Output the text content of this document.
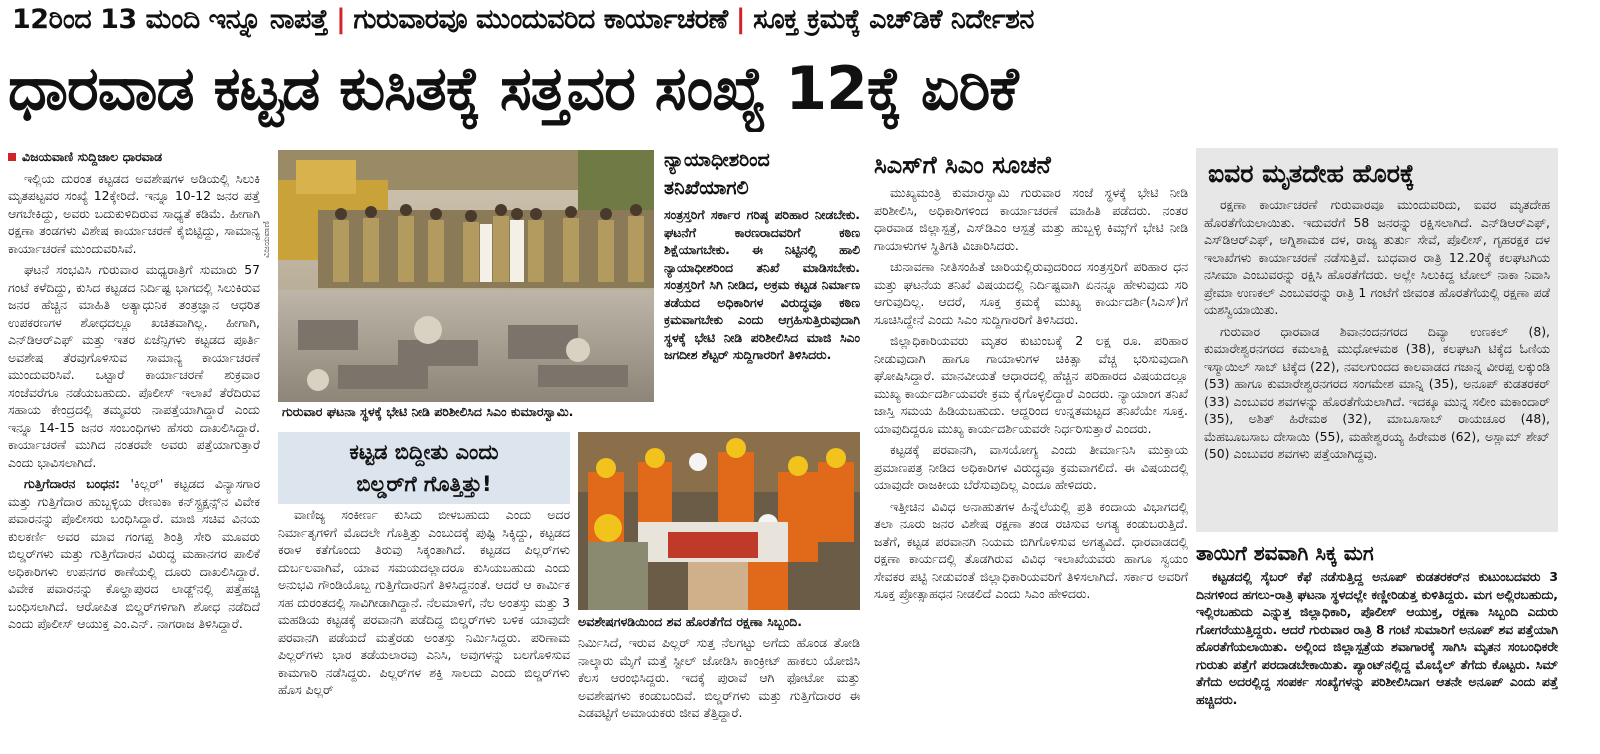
12ರಿಂದ 13 ಮಂದಿ ಇನ್ನೂ ನಾಪತ್ತೆ | ಗುರುವಾರವೂ ಮುಂದುವರಿದ ಕಾರ್ಯಾಚರಣೆ | ಸೂಕ್ತ ಕ್ರಮಕ್ಕೆ ಎಚ್‌ಡಿಕೆ ನಿರ್ದೇಶನ
ಧಾರವಾಡ ಕಟ್ಟಡ ಕುಸಿತಕ್ಕೆ ಸತ್ತವರ ಸಂಖ್ಯೆ 12ಕ್ಕೆ ಏರಿಕೆ
ವಿಜಯವಾಣಿ ಸುದ್ದಿಜಾಲ ಧಾರವಾಡ

ಇಲ್ಲಿಯ ದುರಂತ ಕಟ್ಟಡದ ಅವಶೇಷಗಳ ಅಡಿಯಲ್ಲಿ ಸಿಲುಕಿ ಮೃತಪಟ್ಟವರ ಸಂಖ್ಯೆ 12ಕ್ಕೇರಿದೆ. ಇನ್ನೂ 10-12 ಜನರ ಪತ್ತೆ ಆಗಬೇಕಿದ್ದು, ಅವರು ಬದುಕುಳಿದಿರುವ ಸಾಧ್ಯತೆ ಕಡಿಮೆ. ಹೀಗಾಗಿ ರಕ್ಷಣಾ ತಂಡಗಳು ವಿಶೇಷ ಕಾರ್ಯಾಚರಣೆ ಕೈಬಿಟ್ಟಿದ್ದು, ಸಾಮಾನ್ಯ ಕಾರ್ಯಾಚರಣೆ ಮುಂದುವರಿಸಿವೆ.

ಘಟನೆ ಸಂಭವಿಸಿ ಗುರುವಾರ ಮಧ್ಯರಾತ್ರಿಗೆ ಸುಮಾರು 57 ಗಂಟೆ ಕಳೆದಿದ್ದು, ಕುಸಿದ ಕಟ್ಟಡದ ನಿರ್ದಿಷ್ಟ ಭಾಗದಲ್ಲಿ ಸಿಲುಕಿರುವ ಜನರ ಹೆಚ್ಚಿನ ಮಾಹಿತಿ ಅತ್ಯಾಧುನಿಕ ತಂತ್ರಜ್ಞಾನ ಆಧರಿತ ಉಪಕರಣಗಳ ಶೋಧದಲ್ಲೂ ಖಚಿತವಾಗಿಲ್ಲ. ಹೀಗಾಗಿ, ಎನ್‌ಡಿಆರ್‌ಎಫ್ ಮತ್ತು ಇತರ ಏಜೆನ್ಸಿಗಳು ಕಟ್ಟಡದ ಪೂರ್ತಿ ಅವಶೇಷ ತೆರವುಗೊಳಿಸುವ ಸಾಮಾನ್ಯ ಕಾರ್ಯಾಚರಣೆ ಮುಂದುವರಿಸಿವೆ. ಒಟ್ಟಾರೆ ಕಾರ್ಯಾಚರಣೆ ಶುಕ್ರವಾರ ಸಂಜೆವರೆಗೂ ನಡೆಯಬಹುದು. ಪೊಲೀಸ್ ಇಲಾಖೆ ತೆರೆದಿರುವ ಸಹಾಯ ಕೇಂದ್ರದಲ್ಲಿ ತಮ್ಮವರು ನಾಪತ್ತೆಯಾಗಿದ್ದಾರೆ ಎಂದು ಇನ್ನೂ 14-15 ಜನರ ಸಂಬಂಧಿಗಳು ಹೆಸರು ದಾಖಲಿಸಿದ್ದಾರೆ. ಕಾರ್ಯಾಚರಣೆ ಮುಗಿದ ನಂತರವೇ ಅವರು ಪತ್ತೆಯಾಗುತ್ತಾರೆ ಎಂದು ಭಾವಿಸಲಾಗಿದೆ.

ಗುತ್ತಿಗೆದಾರನ ಬಂಧನ: 'ಕಿಲ್ಲರ್' ಕಟ್ಟಡದ ವಿನ್ಯಾಸಗಾರ ಮತ್ತು ಗುತ್ತಿಗೆದಾರ ಹುಬ್ಬಳ್ಳಿಯ ರೇಣುಕಾ ಕನ್‌ಸ್ಟ್ರಕ್ಷನ್ಸ್‌ನ ವಿವೇಕ ಪವಾರನನ್ನು ಪೊಲೀಸರು ಬಂಧಿಸಿದ್ದಾರೆ. ಮಾಜಿ ಸಚಿವ ವಿನಯ ಕುಲಕರ್ಣಿ ಅವರ ಮಾವ ಗಂಗಪ್ಪ ಶಿಂತ್ರಿ ಸೇರಿ ಮೂವರು ಬಿಲ್ಡರ್‌ಗಳು ಮತ್ತು ಗುತ್ತಿಗೆದಾರನ ವಿರುದ್ಧ ಮಹಾನಗರ ಪಾಲಿಕೆ ಅಧಿಕಾರಿಗಳು ಉಪನಗರ ಠಾಣೆಯಲ್ಲಿ ದೂರು ದಾಖಲಿಸಿದ್ದಾರೆ. ವಿವೇಕ ಪವಾರನನ್ನು ಕೊಲ್ಹಾಪುರದ ಲಾಡ್ಜ್‌ನಲ್ಲಿ ಪತ್ತೆಹಚ್ಚಿ ಬಂಧಿಸಲಾಗಿದೆ. ಆರೋಪಿತ ಬಿಲ್ಡರ್‌ಗಳಿಗಾಗಿ ಶೋಧ ನಡೆದಿದೆ ಎಂದು ಪೊಲೀಸ್ ಆಯುಕ್ತ ಎಂ.ಎನ್. ನಾಗರಾಜ ತಿಳಿಸಿದ್ದಾರೆ.

ವಿಜಯವಾಣಿ
ಗುರುವಾರ ಘಟನಾ ಸ್ಥಳಕ್ಕೆ ಭೇಟಿ ನೀಡಿ ಪರಿಶೀಲಿಸಿದ ಸಿಎಂ ಕುಮಾರಸ್ವಾಮಿ.
ನ್ಯಾಯಾಧೀಶರಿಂದ
ತನಿಖೆಯಾಗಲಿ
ಸಂತ್ರಸ್ತರಿಗೆ ಸರ್ಕಾರ ಗರಿಷ್ಠ ಪರಿಹಾರ ನೀಡಬೇಕು. ಘಟನೆಗೆ ಕಾರಣರಾದವರಿಗೆ ಕಠಿಣ ಶಿಕ್ಷೆಯಾಗಬೇಕು. ಈ ನಿಟ್ಟಿನಲ್ಲಿ ಹಾಲಿ ನ್ಯಾಯಾಧೀಶರಿಂದ ತನಿಖೆ ಮಾಡಿಸಬೇಕು. ಸಂತ್ರಸ್ತರಿಗೆ ಸಿಗಿ ನೀಡಿದ, ಅಕ್ರಮ ಕಟ್ಟಡ ನಿರ್ಮಾಣ ತಡೆಯದ ಅಧಿಕಾರಿಗಳ ವಿರುದ್ಧವೂ ಕಠಿಣ ಕ್ರಮವಾಗಬೇಕು ಎಂದು ಆಗ್ರಹಿಸುತ್ತಿರುವುದಾಗಿ ಸ್ಥಳಕ್ಕೆ ಭೇಟಿ ನೀಡಿ ಪರಿಶೀಲಿಸಿದ ಮಾಜಿ ಸಿಎಂ ಜಗದೀಶ ಶೆಟ್ಟರ್ ಸುದ್ದಿಗಾರರಿಗೆ ತಿಳಿಸಿದರು.
ಕಟ್ಟಡ ಬಿದ್ದೀತು ಎಂದು
ಬಿಲ್ಡರ್‌ಗೆ ಗೊತ್ತಿತ್ತು!
ವಾಣಿಜ್ಯ ಸಂಕೀರ್ಣ ಕುಸಿದು ಬೀಳಬಹುದು ಎಂದು ಅದರ ನಿರ್ಮಾತೃಗಳಿಗೆ ಮೊದಲೇ ಗೊತ್ತಿತ್ತು ಎಂಬುದಕ್ಕೆ ಪುಷ್ಟಿ ಸಿಕ್ಕಿದ್ದು, ಕಟ್ಟಡದ ಕರಾಳ ಕತೆಗೊಂದು ತಿರುವು ಸಿಕ್ಕಂತಾಗಿದೆ. ಕಟ್ಟಡದ ಪಿಲ್ಲರ್‌ಗಳು ದುರ್ಬಲವಾಗಿವೆ, ಯಾವ ಸಮಯದಲ್ಲಾದರೂ ಕುಸಿಯಬಹುದು ಎಂದು ಅನುಭವಿ ಗೌಂಡಿಯೊಬ್ಬ ಗುತ್ತಿಗೆದಾರನಿಗೆ ತಿಳಿಸಿದ್ದನಂತೆ. ಆದರೆ ಆ ಕಾರ್ಮಿಕ ಸಹ ದುರಂತದಲ್ಲಿ ಸಾವಿಗೀಡಾಗಿದ್ದಾನೆ. ನೆಲಮಾಳಿಗೆ, ನೆಲ ಅಂತಸ್ತು ಮತ್ತು 3 ಮಹಡಿಯ ಕಟ್ಟಡಕ್ಕೆ ಪರವಾನಗಿ ಪಡೆದಿದ್ದ ಬಿಲ್ಡರ್‌ಗಳು ಬಳಿಕ ಯಾವುದೇ ಪರವಾನಗಿ ಪಡೆಯದೆ ಮತ್ತೆರಡು ಅಂತಸ್ತು ನಿರ್ಮಿಸಿದ್ದರು. ಪರಿಣಾಮ ಪಿಲ್ಲರ್‌ಗಳು ಭಾರ ತಡೆಯಲಾರವು ಎನಿಸಿ, ಅವುಗಳನ್ನು ಬಲಗೊಳಿಸುವ ಕಾಮಗಾರಿ ನಡೆಸಿದ್ದರು. ಪಿಲ್ಲರ್‌ಗಳ ಶಕ್ತಿ ಸಾಲದು ಎಂದು ಬಿಲ್ಡರ್‌ಗಳು ಹೊಸ ಪಿಲ್ಲರ್
ಅವಶೇಷಗಳಡಿಯಿಂದ ಶವ ಹೊರತೆಗೆದ ರಕ್ಷಣಾ ಸಿಬ್ಬಂದಿ.
ನಿರ್ಮಿಸಿದೆ, ಇರುವ ಪಿಲ್ಲರ್ ಸುತ್ತ ನೆಲಗಟ್ಟು ಅಗೆದು ಹೊಂಡ ತೋಡಿ ನಾಲ್ಕಾರು ಮೈಗೆ ಮತ್ತೆ ಸ್ಟೀಲ್ ಜೋಡಿಸಿ ಕಾಂಕ್ರೀಟ್ ಹಾಕಲು ಯೋಜಿಸಿ ಕೆಲಸ ಆರಂಭಿಸಿದ್ದರು. ಇದಕ್ಕೆ ಪುರಾವೆ ಆಗಿ ಫೋಟೋ ಮತ್ತು ಅವಶೇಷಗಳು ಕಂಡುಬಂದಿವೆ. ಬಿಲ್ಡರ್‌ಗಳು ಮತ್ತು ಗುತ್ತಿಗೆದಾರರ ಈ ಎಡವಟ್ಟಿಗೆ ಅಮಾಯಕರು ಜೀವ ತೆತ್ತಿದ್ದಾರೆ.
ಸಿಎಸ್‌ಗೆ ಸಿಎಂ ಸೂಚನೆ

ಮುಖ್ಯಮಂತ್ರಿ ಕುಮಾರಸ್ವಾಮಿ ಗುರುವಾರ ಸಂಜೆ ಸ್ಥಳಕ್ಕೆ ಭೇಟಿ ನೀಡಿ ಪರಿಶೀಲಿಸಿ, ಅಧಿಕಾರಿಗಳಿಂದ ಕಾರ್ಯಾಚರಣೆ ಮಾಹಿತಿ ಪಡೆದರು. ನಂತರ ಧಾರವಾಡ ಜಿಲ್ಲಾಸ್ಪತ್ರೆ, ಎಸ್‌ಡಿಎಂ ಆಸ್ಪತ್ರೆ ಮತ್ತು ಹುಬ್ಬಳ್ಳಿ ಕಿಮ್ಸ್‌ಗೆ ಭೇಟಿ ನೀಡಿ ಗಾಯಾಳುಗಳ ಸ್ಥಿತಿಗತಿ ವಿಚಾರಿಸಿದರು.

ಚುನಾವಣಾ ನೀತಿಸಂಹಿತೆ ಜಾರಿಯಲ್ಲಿರುವುದರಿಂದ ಸಂತ್ರಸ್ತರಿಗೆ ಪರಿಹಾರ ಧನ ಮತ್ತು ಘಟನೆಯ ತನಿಖೆ ವಿಷಯದಲ್ಲಿ ನಿರ್ದಿಷ್ಟವಾಗಿ ಏನನ್ನೂ ಹೇಳುವುದು ಸರಿ ಆಗುವುದಿಲ್ಲ. ಆದರೆ, ಸೂಕ್ತ ಕ್ರಮಕ್ಕೆ ಮುಖ್ಯ ಕಾರ್ಯದರ್ಶಿ(ಸಿಎಸ್)ಗೆ ಸೂಚಿಸಿದ್ದೇನೆ ಎಂದು ಸಿಎಂ ಸುದ್ದಿಗಾರರಿಗೆ ತಿಳಿಸಿದರು.

ಜಿಲ್ಲಾಧಿಕಾರಿಯವರು ಮೃತರ ಕುಟುಂಬಕ್ಕೆ 2 ಲಕ್ಷ ರೂ. ಪರಿಹಾರ ನೀಡುವುದಾಗಿ ಹಾಗೂ ಗಾಯಾಳುಗಳ ಚಿಕಿತ್ಸಾ ವೆಚ್ಚ ಭರಿಸುವುದಾಗಿ ಘೋಷಿಸಿದ್ದಾರೆ. ಮಾನವೀಯತೆ ಆಧಾರದಲ್ಲಿ ಹೆಚ್ಚಿನ ಪರಿಹಾರದ ವಿಷಯದಲ್ಲೂ ಮುಖ್ಯ ಕಾರ್ಯದರ್ಶಿಯವರೇ ಕ್ರಮ ಕೈಗೊಳ್ಳಲಿದ್ದಾರೆ ಎಂದರು. ನ್ಯಾಯಾಂಗ ತನಿಖೆ ಜಾಸ್ತಿ ಸಮಯ ಹಿಡಿಯಬಹುದು. ಆದ್ದರಿಂದ ಉನ್ನತಮಟ್ಟದ ತನಿಖೆಯೇ ಸೂಕ್ತ. ಯಾವುದಿದ್ದರೂ ಮುಖ್ಯ ಕಾರ್ಯದರ್ಶಿಯವರೇ ನಿರ್ಧರಿಸುತ್ತಾರೆ ಎಂದರು.

ಕಟ್ಟಡಕ್ಕೆ ಪರವಾನಗಿ, ವಾಸಯೋಗ್ಯ ಎಂದು ತೀರ್ಮಾನಿಸಿ ಮುಕ್ತಾಯ ಪ್ರಮಾಣಪತ್ರ ನೀಡಿದ ಅಧಿಕಾರಿಗಳ ವಿರುದ್ಧವೂ ಕ್ರಮವಾಗಲಿದೆ. ಈ ವಿಷಯದಲ್ಲಿ ಯಾವುದೇ ರಾಜಕೀಯ ಬೆರೆಸುವುದಿಲ್ಲ ಎಂದೂ ಹೇಳಿದರು.

ಇತ್ತೀಚಿನ ವಿವಿಧ ಅನಾಹುತಗಳ ಹಿನ್ನೆಲೆಯಲ್ಲಿ ಪ್ರತಿ ಕಂದಾಯ ವಿಭಾಗದಲ್ಲಿ ತಲಾ ನೂರು ಜನರ ವಿಶೇಷ ರಕ್ಷಣಾ ತಂಡ ರಚಿಸುವ ಅಗತ್ಯ ಕಂಡುಬರುತ್ತಿದೆ. ಜತೆಗೆ, ಕಟ್ಟಡ ಪರವಾನಗಿ ನಿಯಮ ಬಿಗಿಗೊಳಿಸುವ ಅಗತ್ಯವಿದೆ. ಧಾರವಾಡದಲ್ಲಿ ರಕ್ಷಣಾ ಕಾರ್ಯದಲ್ಲಿ ತೊಡಗಿರುವ ವಿವಿಧ ಇಲಾಖೆಯವರು ಹಾಗೂ ಸ್ವಯಂ ಸೇವಕರ ಪಟ್ಟಿ ನೀಡುವಂತೆ ಜಿಲ್ಲಾಧಿಕಾರಿಯವರಿಗೆ ತಿಳಿಸಲಾಗಿದೆ. ಸರ್ಕಾರ ಅವರಿಗೆ ಸೂಕ್ತ ಪ್ರೋತ್ಸಾಹಧನ ನೀಡಲಿದೆ ಎಂದು ಸಿಎಂ ಹೇಳಿದರು.

ಐವರ ಮೃತದೇಹ ಹೊರಕ್ಕೆ

ರಕ್ಷಣಾ ಕಾರ್ಯಾಚರಣೆ ಗುರುವಾರವೂ ಮುಂದುವರಿದು, ಐವರ ಮೃತದೇಹ ಹೊರತೆಗೆಯಲಾಯಿತು. ಇದುವರೆಗೆ 58 ಜನರನ್ನು ರಕ್ಷಿಸಲಾಗಿದೆ. ಎನ್‌ಡಿಆರ್‌ಎಫ್, ಎಸ್‌ಡಿಆರ್‌ಎಫ್, ಅಗ್ನಿಶಾಮಕ ದಳ, ರಾಜ್ಯ ತುರ್ತು ಸೇವೆ, ಪೊಲೀಸ್, ಗೃಹರಕ್ಷಕ ದಳ ಇಲಾಖೆಗಳು ಕಾರ್ಯಾಚರಣೆ ನಡೆಸುತ್ತಿವೆ. ಬುಧವಾರ ರಾತ್ರಿ 12.20ಕ್ಕೆ ಕಲಘಟಗಿಯ ನಸೀಮಾ ಎಂಬುವರನ್ನು ರಕ್ಷಿಸಿ ಹೊರತೆಗೆದರು. ಅಲ್ಲೇ ಸಿಲುಕಿದ್ದ ಟೋಲ್ ನಾಕಾ ನಿವಾಸಿ ಪ್ರೇಮಾ ಉಣಕಲ್ ಎಂಬುವರನ್ನು ರಾತ್ರಿ 1 ಗಂಟೆಗೆ ಜೀವಂತ ಹೊರತೆಗೆಯಲ್ಲಿ ರಕ್ಷಣಾ ಪಡೆ ಯಶಸ್ವಿಯಾಯಿತು.

ಗುರುವಾರ ಧಾರವಾಡ ಶಿವಾನಂದನಗರದ ದಿವ್ಯಾ ಉಣಕಲ್ (8), ಕುಮಾರೇಶ್ವರನಗರದ ಕಮಲಾಕ್ಷಿ ಮುಧೋಳಮಠ (38), ಕಲಘಟಗಿ ಟಿಕ್ಕೆದ ಓಣಿಯ ಇಸ್ಮಾಯಿಲ್ ಸಾಬ್ ಟಿಕ್ಕೆದ (22), ನವಲಗುಂದದ ಕಾಲವಾಡದ ಗಜಾನ್ನ ವೀರಪ್ಪ ಲಕ್ಕುಂಡಿ (53) ಹಾಗೂ ಕುಮಾರೇಶ್ವರನಗರದ ಸಂಗಮೇಶ ಮಾನ್ನಿ (35), ಅನೂಪ್ ಕುಡತರಕರ್ (33) ಎಂಬುವರ ಶವಗಳನ್ನು ಹೊರತೆಗೆಯಲಾಗಿದೆ. ಇದಕ್ಕೂ ಮುನ್ನ ಸಲೀಂ ಮಕಾಂದಾರ್ (35), ಅಶಿತ್ ಹಿರೇಮಠ (32), ಮಾಬೂಸಾಬ್ ರಾಯಚೂರ (48), ಮೆಹಬೂಬಸಾಬ ದೇಸಾಯಿ (55), ಮಹೇಶ್ವರಯ್ಯ ಹಿರೇಮಠ (62), ಅಸ್ಲಾಮ್ ಶೇಖ್ (50) ಎಂಬುವರ ಶವಗಳು ಪತ್ತೆಯಾಗಿದ್ದವು.

ತಾಯಿಗೆ ಶವವಾಗಿ ಸಿಕ್ಕ ಮಗ
ಕಟ್ಟಡದಲ್ಲಿ ಸೈಬರ್ ಕೆಫೆ ನಡೆಸುತ್ತಿದ್ದ ಅನೂಪ್ ಕುಡತರಕರ್‌ನ ಕುಟುಂಬದವರು 3 ದಿನಗಳಿಂದ ಹಗಲು-ರಾತ್ರಿ ಘಟನಾ ಸ್ಥಳದಲ್ಲೇ ಕಣ್ಣೀರಿಡುತ್ತ ಕುಳಿತಿದ್ದರು. ಮಗ ಅಲ್ಲಿರಬಹುದು, ಇಲ್ಲಿರಬಹುದು ಎನ್ನುತ್ತ ಜಿಲ್ಲಾಧಿಕಾರಿ, ಪೊಲೀಸ್ ಆಯುಕ್ತ, ರಕ್ಷಣಾ ಸಿಬ್ಬಂದಿ ಎದುರು ಗೋಗರೆಯುತ್ತಿದ್ದರು. ಆದರೆ ಗುರುವಾರ ರಾತ್ರಿ 8 ಗಂಟೆ ಸುಮಾರಿಗೆ ಅನೂಪ್ ಶವ ಪತ್ತೆಯಾಗಿ ಹೊರತೆಗೆಯಲಾಯಿತು. ಅಲ್ಲಿಂದ ಜಿಲ್ಲಾಸ್ಪತ್ರೆಯ ಶವಾಗಾರಕ್ಕೆ ಸಾಗಿಸಿ ಮೃತನ ಸಂಬಂಧಿಕರೇ ಗುರುತು ಪತ್ತೆಗೆ ಪರದಾಡಬೇಕಾಯಿತು. ಪ್ಯಾಂಟ್‌ನಲ್ಲಿದ್ದ ಮೊಬೈಲ್ ತೆಗೆದು ಕೊಟ್ಟರು. ಸಿಮ್ ತೆಗೆದು ಅದರಲ್ಲಿದ್ದ ಸಂಪರ್ಕ ಸಂಖ್ಯೆಗಳನ್ನು ಪರಿಶೀಲಿಸಿದಾಗ ಆತನೇ ಅನೂಪ್ ಎಂದು ಪತ್ತೆ ಹಚ್ಚಿದರು.
